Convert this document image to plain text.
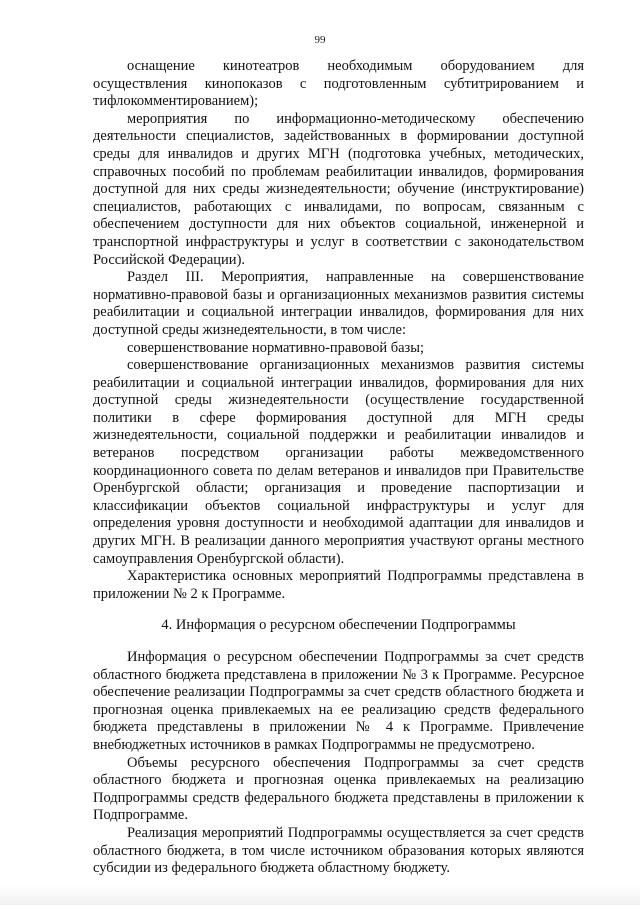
99

оснащение кинотеатров необходимым оборудованием для осуществления кинопоказов с подготовленным субтитрированием и тифлокомментированием);

мероприятия по информационно-методическому обеспечению деятельности специалистов, задействованных в формировании доступной среды для инвалидов и других МГН (подготовка учебных, методических, справочных пособий по проблемам реабилитации инвалидов, формирования доступной для них среды жизнедеятельности; обучение (инструктирование) специалистов, работающих с инвалидами, по вопросам, связанным с обеспечением доступности для них объектов социальной, инженерной и транспортной инфраструктуры и услуг в соответствии с законодательством Российской Федерации).

Раздел III. Мероприятия, направленные на совершенствование нормативно-правовой базы и организационных механизмов развития системы реабилитации и социальной интеграции инвалидов, формирования для них доступной среды жизнедеятельности, в том числе:

совершенствование нормативно-правовой базы;

совершенствование организационных механизмов развития системы реабилитации и социальной интеграции инвалидов, формирования для них доступной среды жизнедеятельности (осуществление государственной политики в сфере формирования доступной для МГН среды жизнедеятельности, социальной поддержки и реабилитации инвалидов и ветеранов посредством организации работы межведомственного координационного совета по делам ветеранов и инвалидов при Правительстве Оренбургской области; организация и проведение паспортизации и классификации объектов социальной инфраструктуры и услуг для определения уровня доступности и необходимой адаптации для инвалидов и других МГН. В реализации данного мероприятия участвуют органы местного самоуправления Оренбургской области).

Характеристика основных мероприятий Подпрограммы представлена в приложении № 2 к Программе.

4. Информация о ресурсном обеспечении Подпрограммы

Информация о ресурсном обеспечении Подпрограммы за счет средств областного бюджета представлена в приложении № 3 к Программе. Ресурсное обеспечение реализации Подпрограммы за счет средств областного бюджета и прогнозная оценка привлекаемых на ее реализацию средств федерального бюджета представлены в приложении № 4 к Программе. Привлечение внебюджетных источников в рамках Подпрограммы не предусмотрено.

Объемы ресурсного обеспечения Подпрограммы за счет средств областного бюджета и прогнозная оценка привлекаемых на реализацию Подпрограммы средств федерального бюджета представлены в приложении к Подпрограмме.

Реализация мероприятий Подпрограммы осуществляется за счет средств областного бюджета, в том числе источником образования которых являются субсидии из федерального бюджета областному бюджету.
